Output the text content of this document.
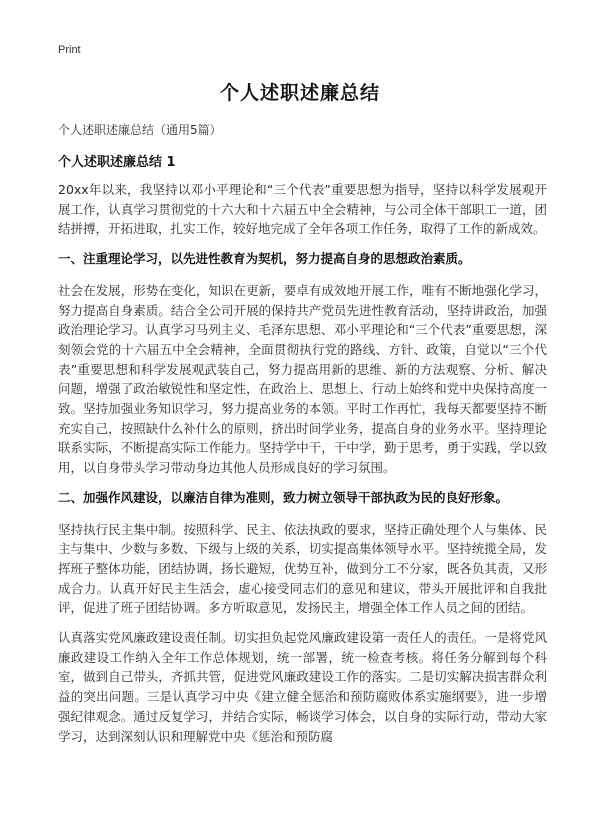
Print
个人述职述廉总结
个人述职述廉总结（通用5篇）
个人述职述廉总结 1

20xx年以来，我坚持以邓小平理论和“三个代表”重要思想为指导，坚持以科学发展观开展工作，认真学习贯彻党的十六大和十六届五中全会精神，与公司全体干部职工一道，团结拼搏，开拓进取，扎实工作，较好地完成了全年各项工作任务，取得了工作的新成效。

一、注重理论学习，以先进性教育为契机，努力提高自身的思想政治素质。

社会在发展，形势在变化，知识在更新，要卓有成效地开展工作，唯有不断地强化学习，努力提高自身素质。结合全公司开展的保持共产党员先进性教育活动，坚持讲政治，加强政治理论学习。认真学习马列主义、毛泽东思想、邓小平理论和“三个代表”重要思想，深刻领会党的十六届五中全会精神，全面贯彻执行党的路线、方针、政策，自觉以“三个代表”重要思想和科学发展观武装自己，努力提高用新的思维、新的方法观察、分析、解决问题，增强了政治敏锐性和坚定性，在政治上、思想上、行动上始终和党中央保持高度一致。坚持加强业务知识学习，努力提高业务的本领。平时工作再忙，我每天都要坚持不断充实自己，按照缺什么补什么的原则，挤出时间学业务，提高自身的业务水平。坚持理论联系实际，不断提高实际工作能力。坚持学中干，干中学，勤于思考，勇于实践，学以致用，以自身带头学习带动身边其他人员形成良好的学习氛围。

二、加强作风建设，以廉洁自律为准则，致力树立领导干部执政为民的良好形象。

坚持执行民主集中制。按照科学、民主、依法执政的要求，坚持正确处理个人与集体、民主与集中、少数与多数、下级与上级的关系，切实提高集体领导水平。坚持统揽全局，发挥班子整体功能，团结协调，扬长避短，优势互补，做到分工不分家，既各负其责，又形成合力。认真开好民主生活会，虚心接受同志们的意见和建议，带头开展批评和自我批评，促进了班子团结协调。多方听取意见，发扬民主，增强全体工作人员之间的团结。

认真落实党风廉政建设责任制。切实担负起党风廉政建设第一责任人的责任。一是将党风廉政建设工作纳入全年工作总体规划，统一部署，统一检查考核。将任务分解到每个科室，做到自己带头，齐抓共管，促进党风廉政建设工作的落实。二是切实解决损害群众利益的突出问题。三是认真学习中央《建立健全惩治和预防腐败体系实施纲要》，进一步增强纪律观念。通过反复学习，并结合实际，畅谈学习体会，以自身的实际行动，带动大家学习，达到深刻认识和理解党中央《惩治和预防腐
